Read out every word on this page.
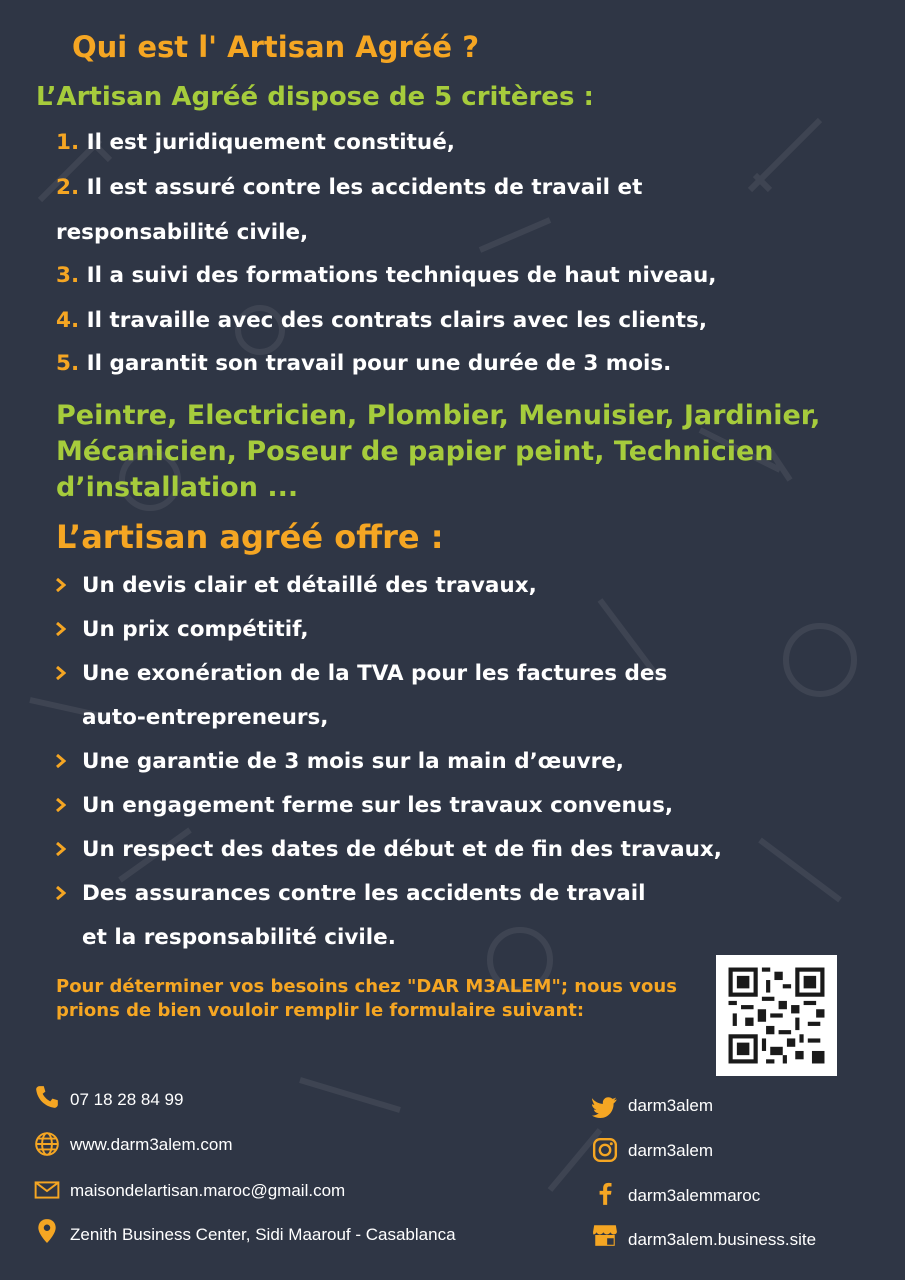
Qui est l' Artisan Agréé ?
L’Artisan Agréé dispose de 5 critères :
1. Il est juridiquement constitué,
2. Il est assuré contre les accidents de travail et
responsabilité civile,
3. Il a suivi des formations techniques de haut niveau,
4. Il travaille avec des contrats clairs avec les clients,
5. Il garantit son travail pour une durée de 3 mois.
Peintre, Electricien, Plombier, Menuisier, Jardinier, Mécanicien, Poseur de papier peint, Technicien d’installation ...
L’artisan agréé offre :
Un devis clair et détaillé des travaux,
Un prix compétitif,
Une exonération de la TVA pour les factures des
auto-entrepreneurs,
Une garantie de 3 mois sur la main d’œuvre,
Un engagement ferme sur les travaux convenus,
Un respect des dates de début et de fin des travaux,
Des assurances contre les accidents de travail
et la responsabilité civile.
Pour déterminer vos besoins chez "DAR M3ALEM"; nous vous prions de bien vouloir remplir le formulaire suivant:
07 18 28 84 99
www.darm3alem.com
maisondelartisan.maroc@gmail.com
Zenith Business Center, Sidi Maarouf - Casablanca
darm3alem
darm3alem
darm3alemmaroc
darm3alem.business.site
